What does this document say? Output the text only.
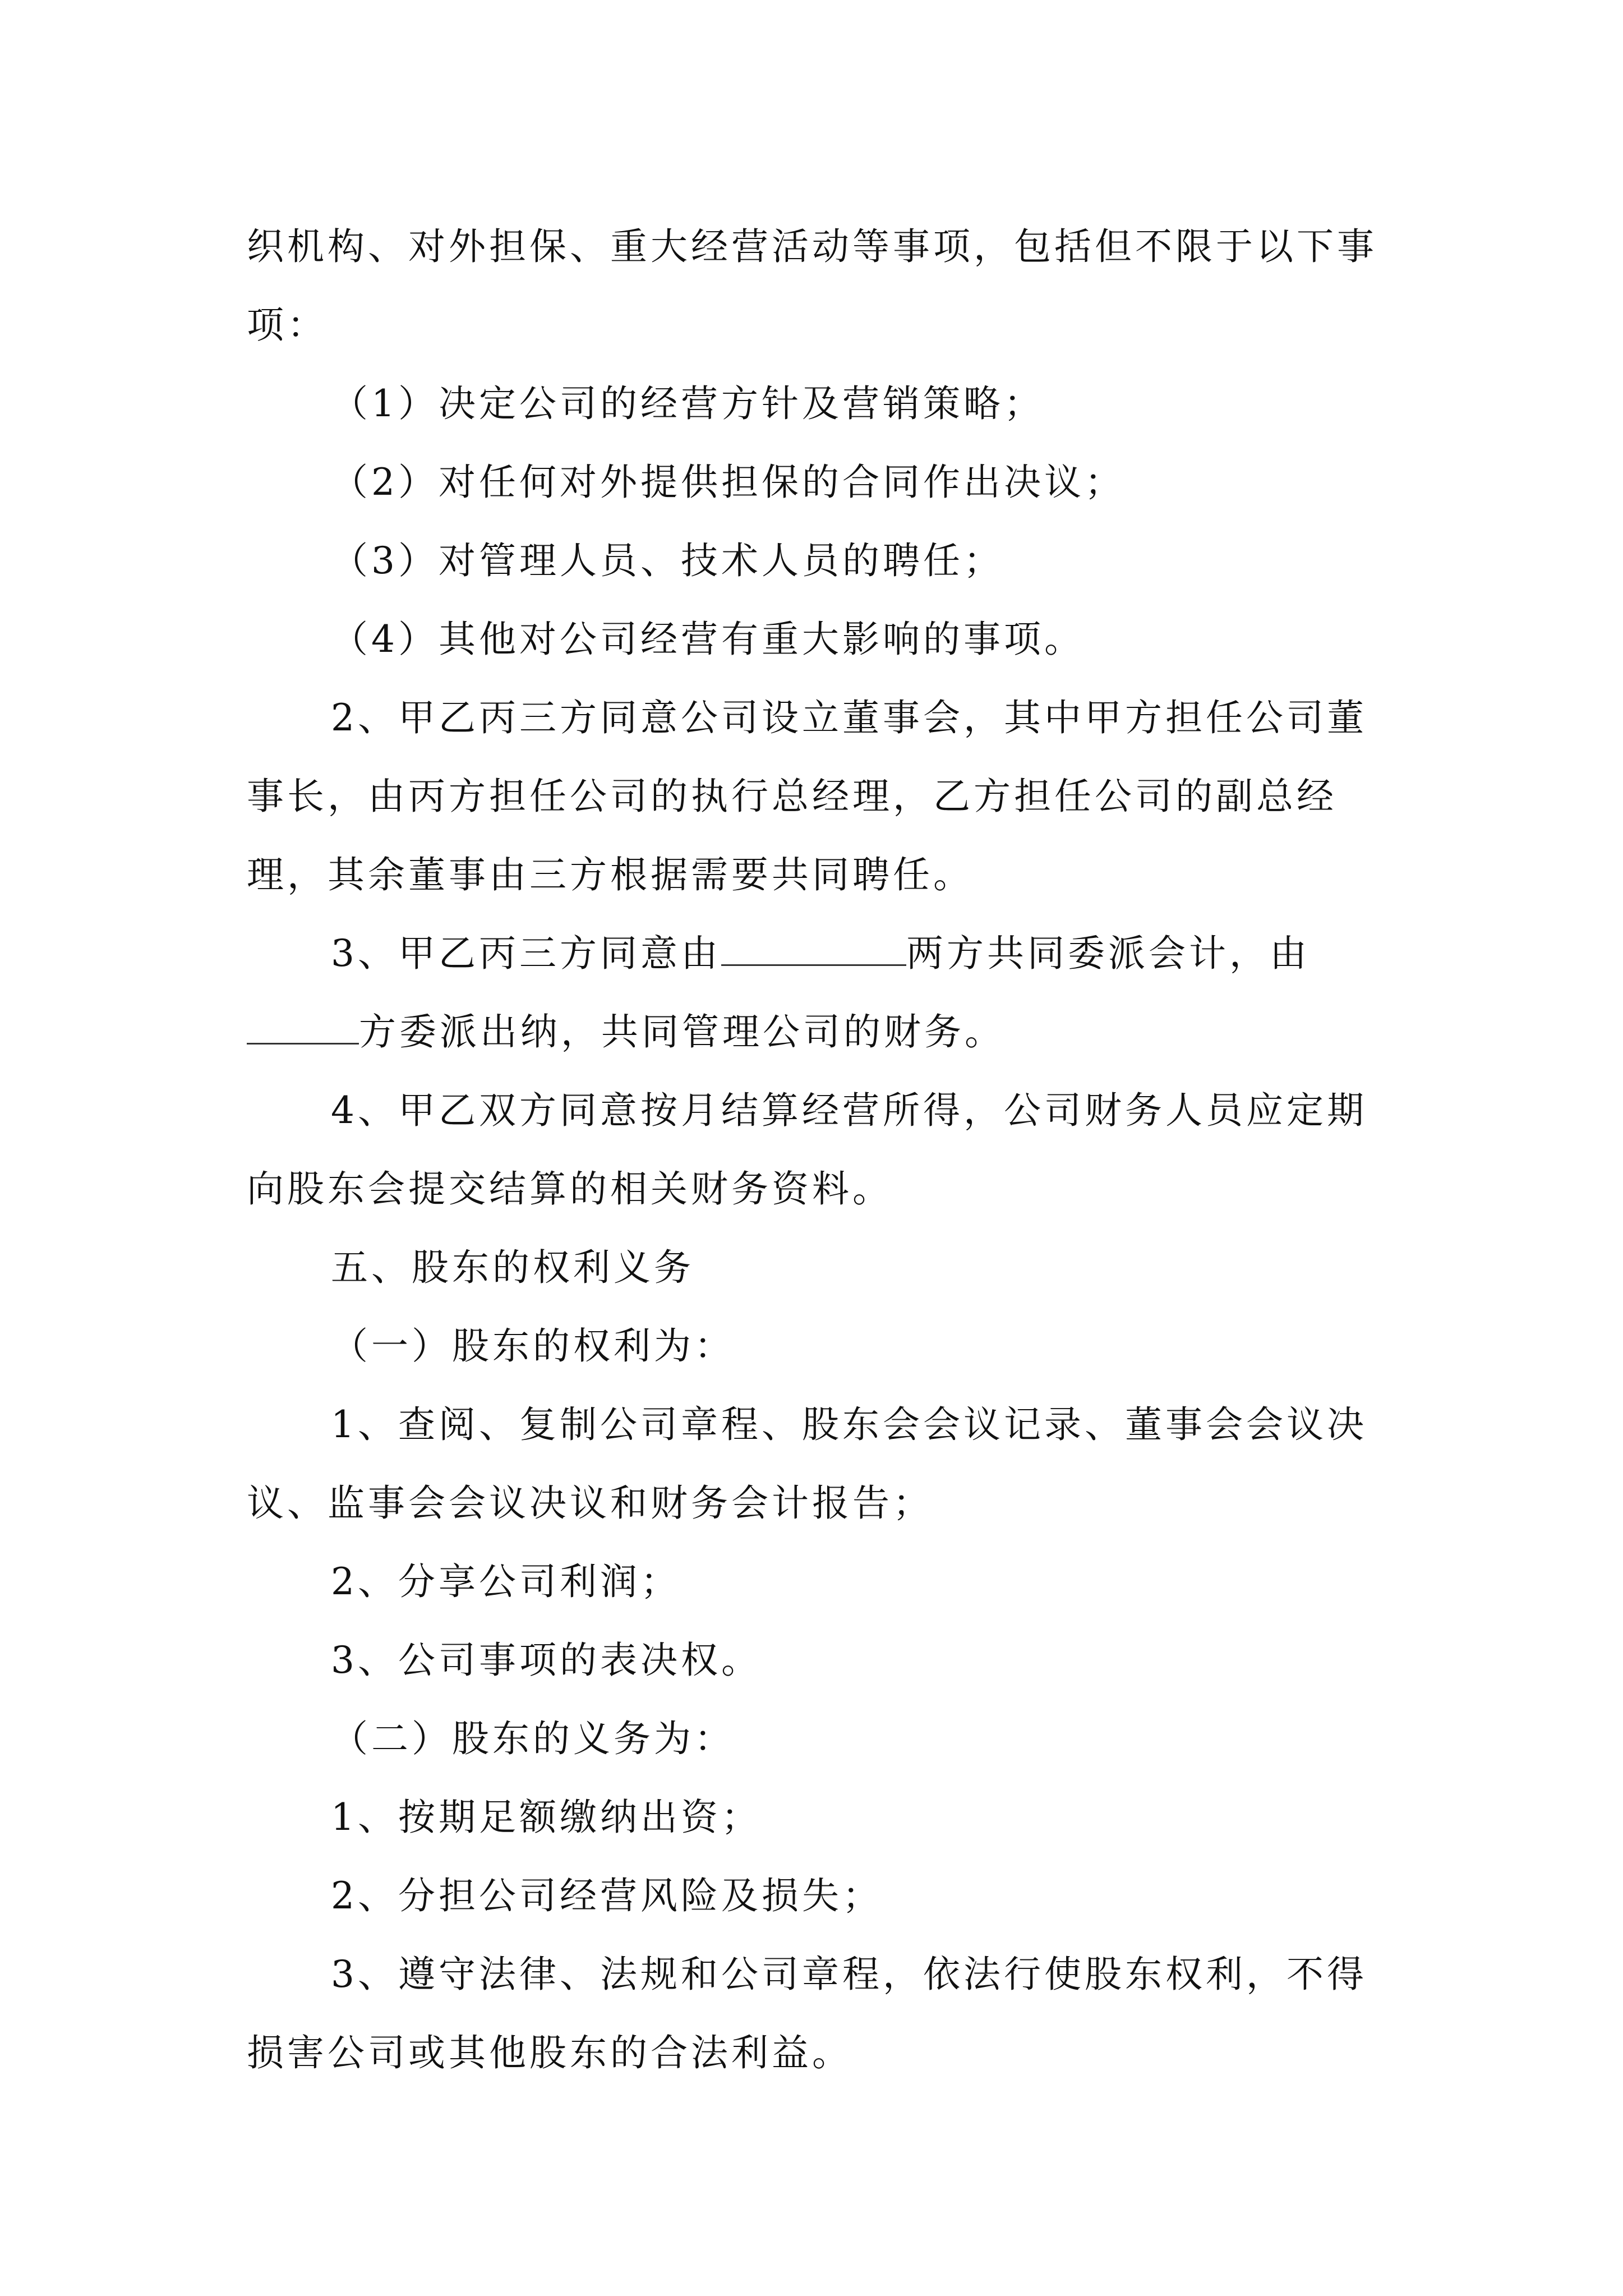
织机构、对外担保、重大经营活动等事项，包括但不限于以下事项：

（1）决定公司的经营方针及营销策略；

（2）对任何对外提供担保的合同作出决议；

（3）对管理人员、技术人员的聘任；

（4）其他对公司经营有重大影响的事项。

2、甲乙丙三方同意公司设立董事会，其中甲方担任公司董事长，由丙方担任公司的执行总经理，乙方担任公司的副总经理，其余董事由三方根据需要共同聘任。

3、甲乙丙三方同意由	两方共同委派会计，由方委派出纳，共同管理公司的财务。

4、甲乙双方同意按月结算经营所得，公司财务人员应定期向股东会提交结算的相关财务资料。

五、股东的权利义务

（一）股东的权利为：

1、查阅、复制公司章程、股东会会议记录、董事会会议决议、监事会会议决议和财务会计报告；

2、分享公司利润；

3、公司事项的表决权。

（二）股东的义务为：

1、按期足额缴纳出资；

2、分担公司经营风险及损失；

3、遵守法律、法规和公司章程，依法行使股东权利，不得损害公司或其他股东的合法利益。
